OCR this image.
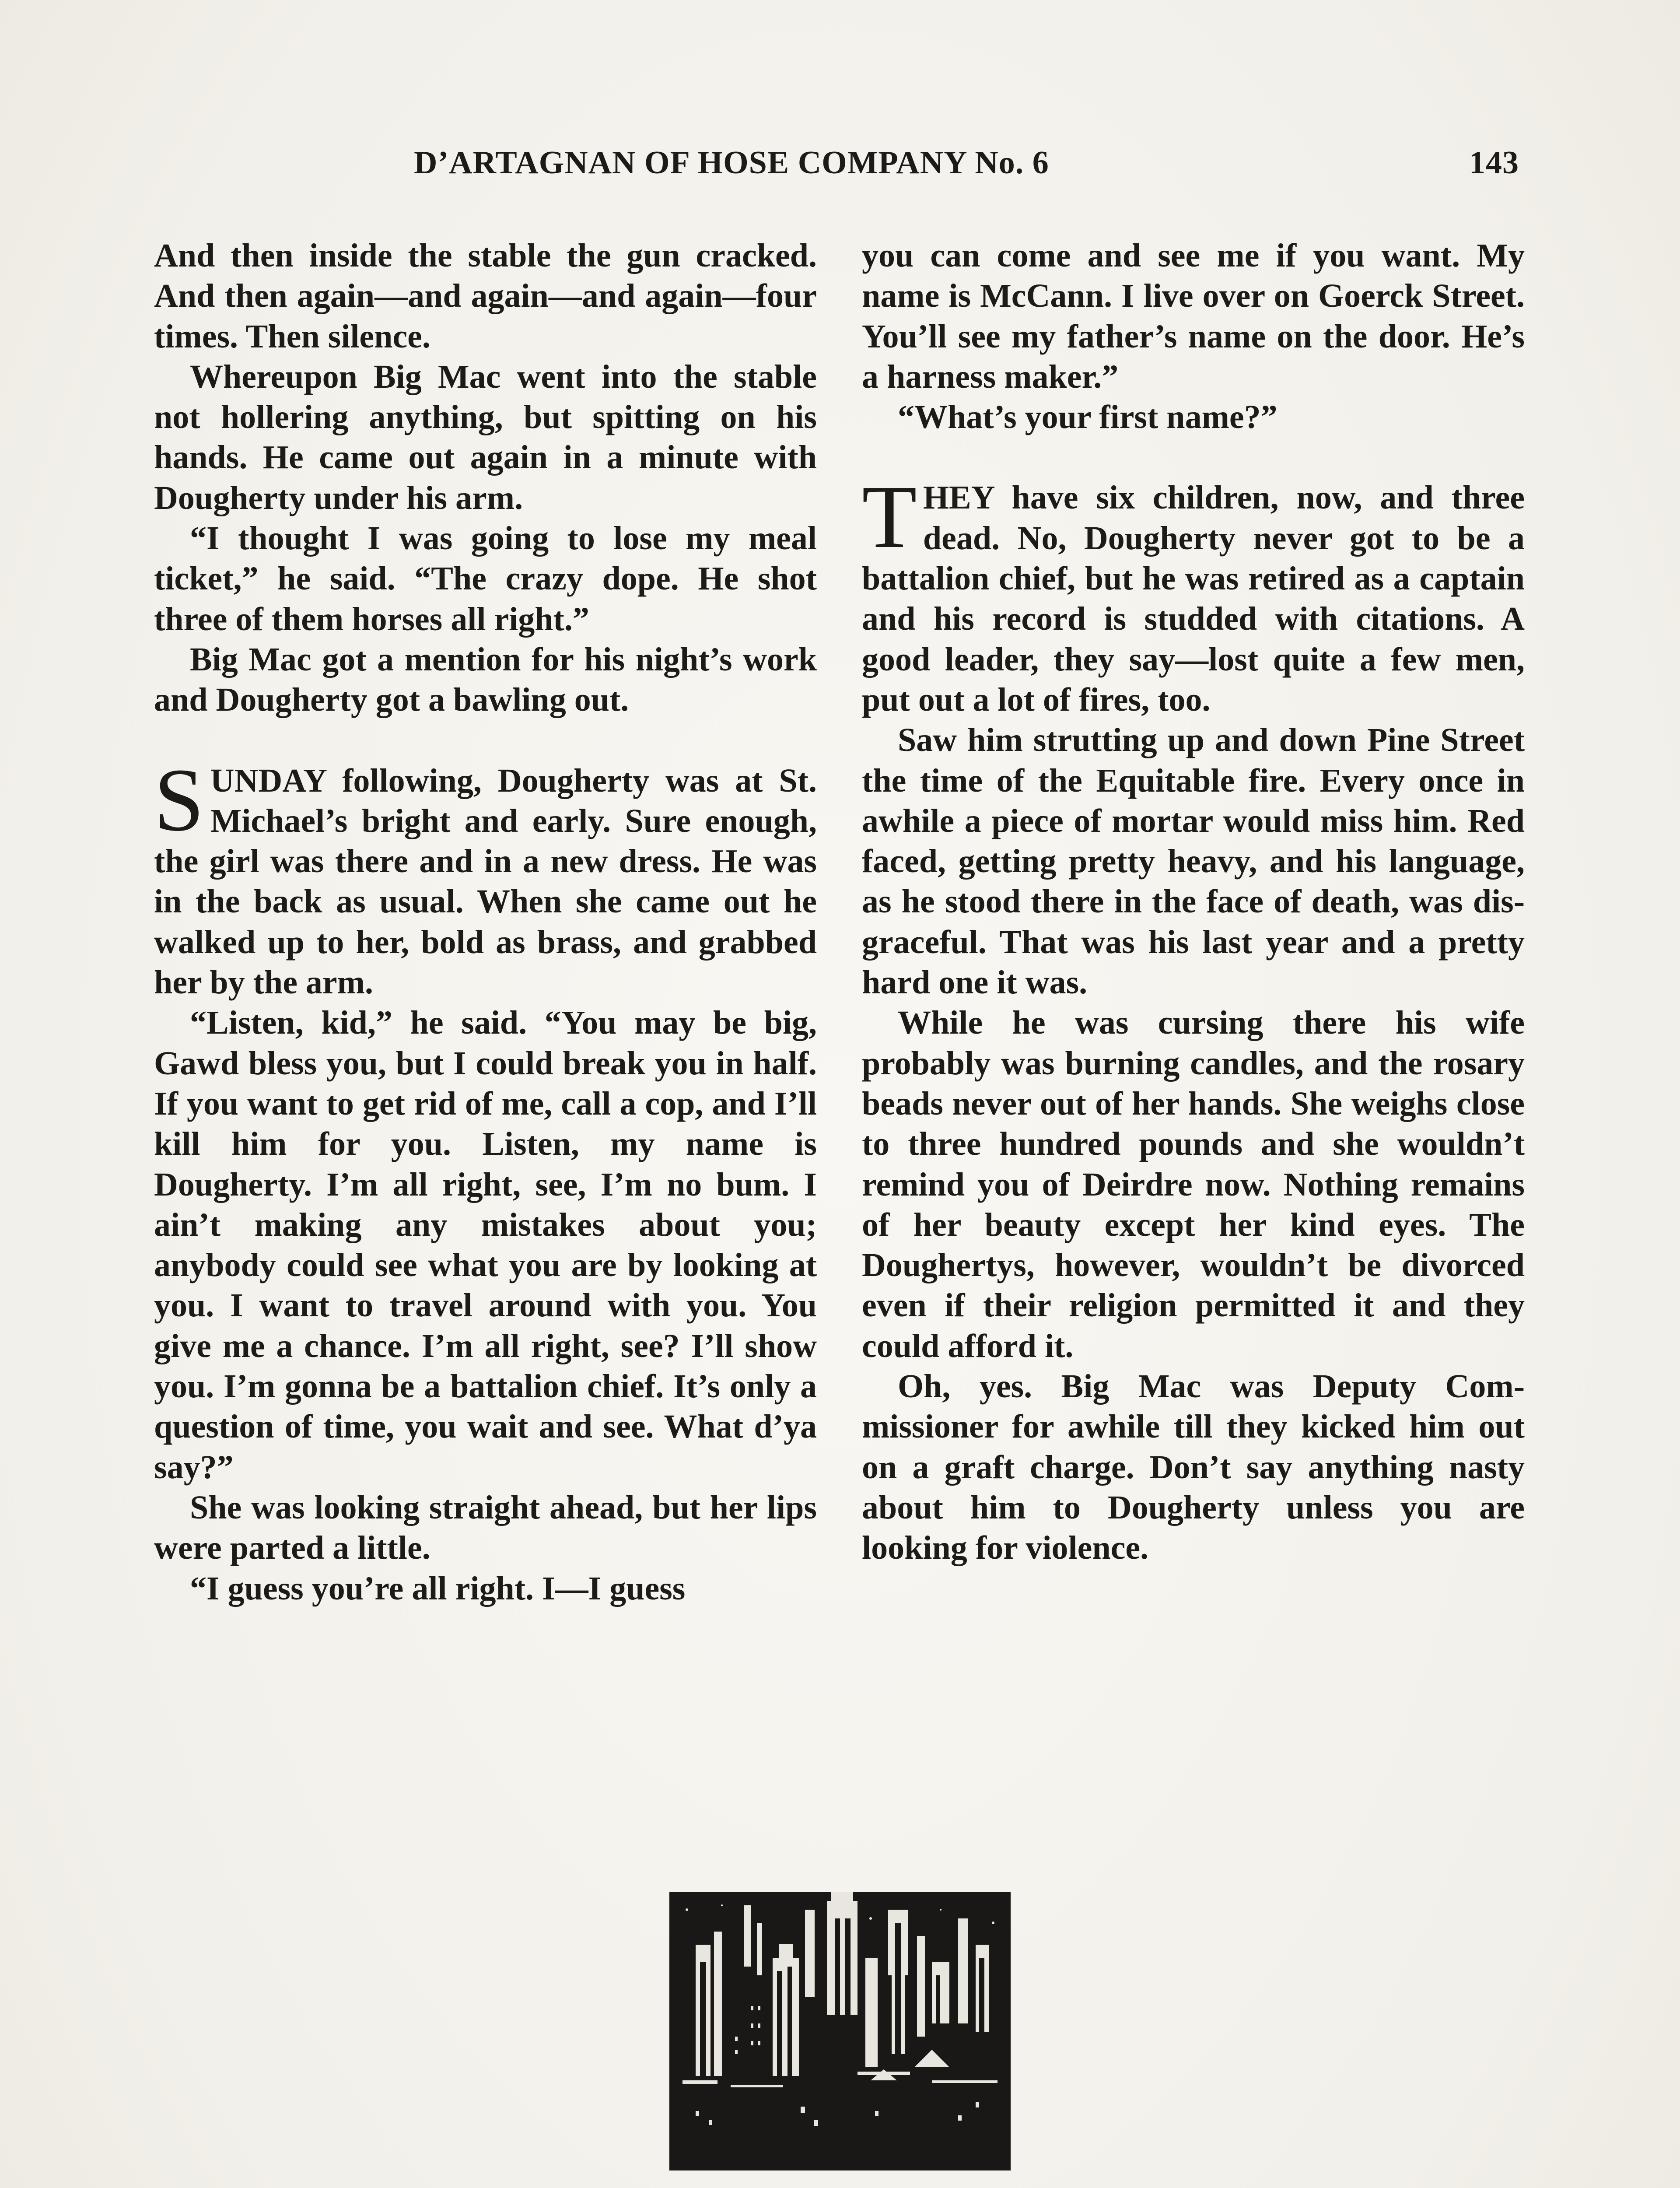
D’ARTAGNAN OF HOSE COMPANY No. 6	143

And then inside the stable the gun cracked. And then again—and again—and again—four times. Then silence.

Whereupon Big Mac went into the stable not hollering anything, but spitting on his hands. He came out again in a minute with Dougherty under his arm.

“I thought I was going to lose my meal ticket,” he said. “The crazy dope. He shot three of them horses all right.”

Big Mac got a mention for his night’s work and Dougherty got a bawling out.

SUNDAY following, Dougherty was at St. Michael’s bright and early. Sure enough, the girl was there and in a new dress. He was in the back as usual. When she came out he walked up to her, bold as brass, and grabbed her by the arm.

“Listen, kid,” he said. “You may be big, Gawd bless you, but I could break you in half. If you want to get rid of me, call a cop, and I’ll kill him for you. Listen, my name is Dougherty. I’m all right, see, I’m no bum. I ain’t making any mistakes about you; anybody could see what you are by looking at you. I want to travel around with you. You give me a chance. I’m all right, see? I’ll show you. I’m gonna be a battalion chief. It’s only a question of time, you wait and see. What d’ya say?”

She was looking straight ahead, but her lips were parted a little.

“I guess you’re all right. I—I guess

you can come and see me if you want. My name is McCann. I live over on Goerck Street. You’ll see my father’s name on the door. He’s a harness maker.”

“What’s your first name?”

THEY have six children, now, and three dead. No, Dougherty never got to be a battalion chief, but he was retired as a captain and his record is studded with citations. A good leader, they say—lost quite a few men, put out a lot of fires, too.

Saw him strutting up and down Pine Street the time of the Equitable fire. Every once in awhile a piece of mortar would miss him. Red faced, getting pretty heavy, and his language, as he stood there in the face of death, was disgraceful. That was his last year and a pretty hard one it was.

While he was cursing there his wife probably was burning candles, and the rosary beads never out of her hands. She weighs close to three hundred pounds and she wouldn’t remind you of Deirdre now. Nothing remains of her beauty except her kind eyes. The Doughertys, however, wouldn’t be divorced even if their religion permitted it and they could afford it.

Oh, yes. Big Mac was Deputy Commissioner for awhile till they kicked him out on a graft charge. Don’t say anything nasty about him to Dougherty unless you are looking for violence.
